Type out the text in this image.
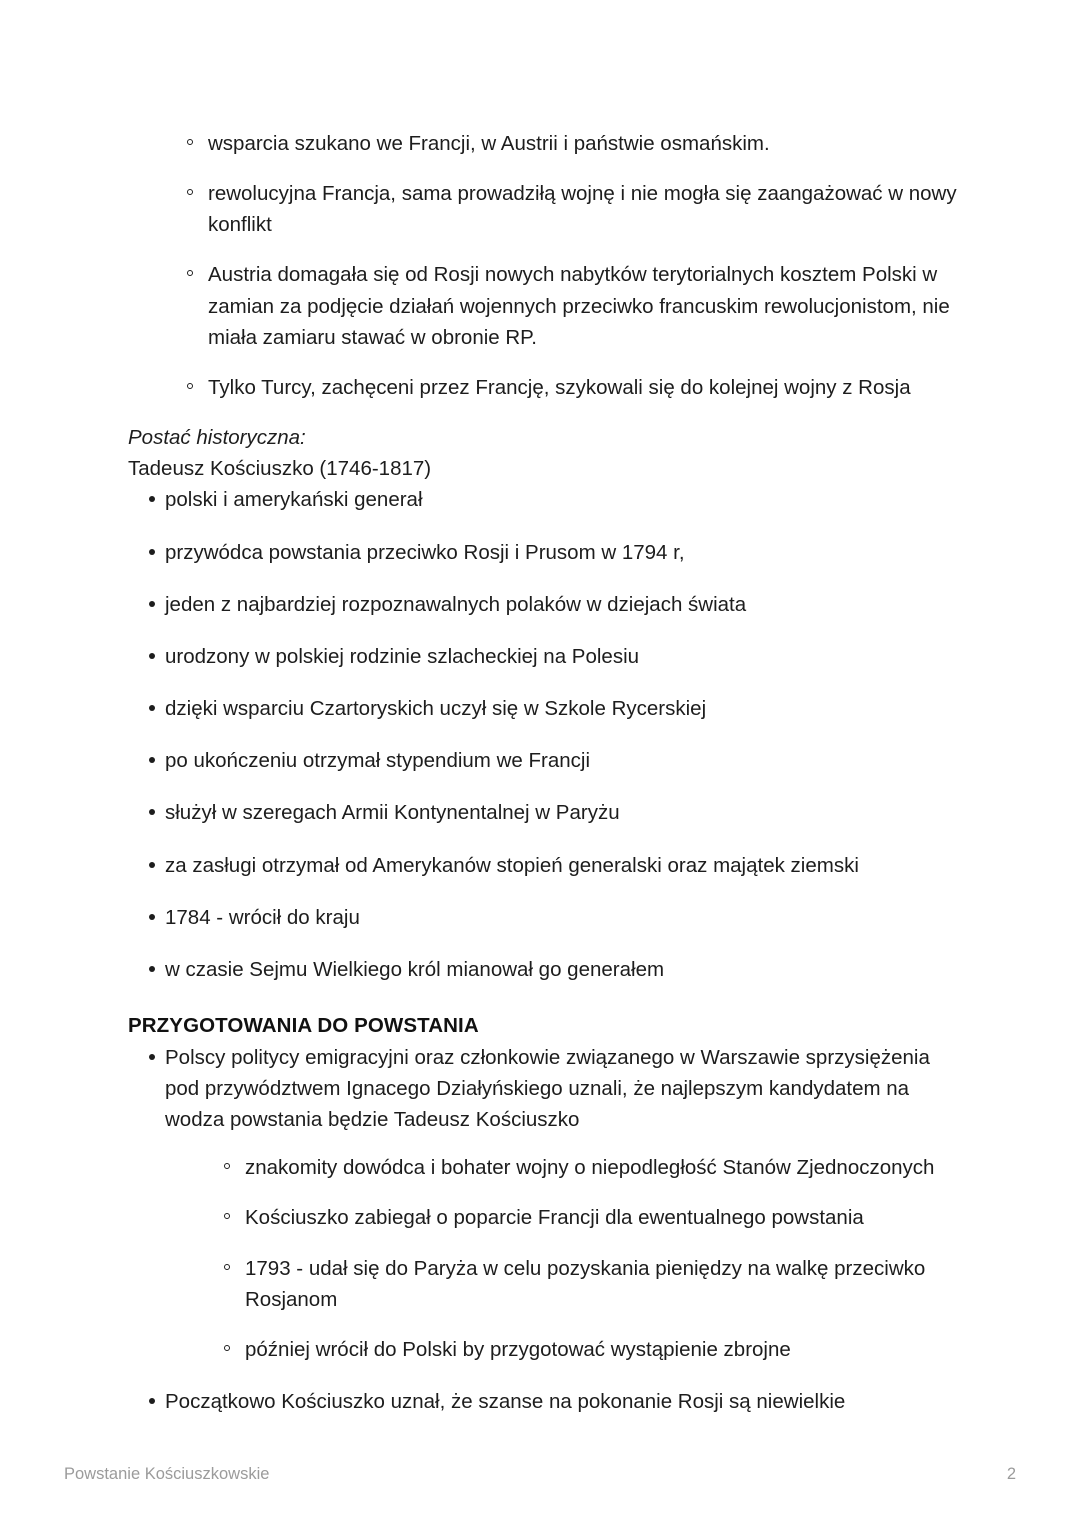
wsparcia szukano we Francji, w Austrii i państwie osmańskim.
rewolucyjna Francja, sama prowadziłą wojnę i nie mogła się zaangażować w nowy konflikt
Austria domagała się od Rosji nowych nabytków terytorialnych kosztem Polski w zamian za podjęcie działań wojennych przeciwko francuskim rewolucjonistom, nie miała zamiaru stawać w obronie RP.
Tylko Turcy, zachęceni przez Francję, szykowali się do kolejnej wojny z Rosja

Postać historyczna:

Tadeusz Kościuszko (1746-1817)

polski i amerykański generał
przywódca powstania przeciwko Rosji i Prusom w 1794 r,
jeden z najbardziej rozpoznawalnych polaków w dziejach świata
urodzony w polskiej rodzinie szlacheckiej na Polesiu
dzięki wsparciu Czartoryskich uczył się w Szkole Rycerskiej
po ukończeniu otrzymał stypendium we Francji
służył w szeregach Armii Kontynentalnej w Paryżu
za zasługi otrzymał od Amerykanów stopień generalski oraz majątek ziemski
1784 - wrócił do kraju
w czasie Sejmu Wielkiego król mianował go generałem
PRZYGOTOWANIA DO POWSTANIA
Polscy politycy emigracyjni oraz członkowie związanego w Warszawie sprzysiężenia pod przywództwem Ignacego Działyńskiego uznali, że najlepszym kandydatem na wodza powstania będzie Tadeusz Kościuszko
znakomity dowódca i bohater wojny o niepodległość Stanów Zjednoczonych
Kościuszko zabiegał o poparcie Francji dla ewentualnego powstania
1793 - udał się do Paryża w celu pozyskania pieniędzy na walkę przeciwko Rosjanom
później wrócił do Polski by przygotować wystąpienie zbrojne
Początkowo Kościuszko uznał, że szanse na pokonanie Rosji są niewielkie
Powstanie Kościuszkowskie	2
